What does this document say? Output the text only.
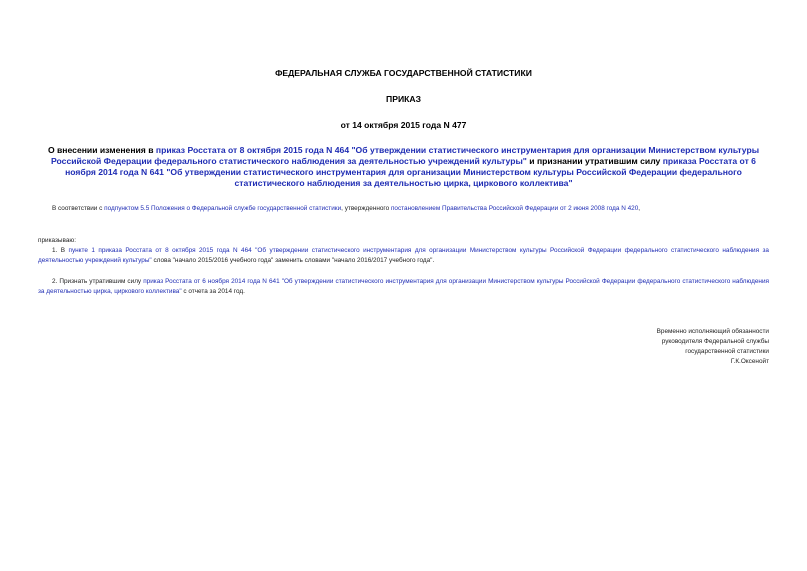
ФЕДЕРАЛЬНАЯ СЛУЖБА ГОСУДАРСТВЕННОЙ СТАТИСТИКИ
ПРИКАЗ
от 14 октября 2015 года N 477
О внесении изменения в приказ Росстата от 8 октября 2015 года N 464 "Об утверждении статистического инструментария для организации Министерством культуры Российской Федерации федерального статистического наблюдения за деятельностью учреждений культуры" и признании утратившим силу приказа Росстата от 6 ноября 2014 года N 641 "Об утверждении статистического инструментария для организации Министерством культуры Российской Федерации федерального статистического наблюдения за деятельностью цирка, циркового коллектива"
В соответствии с подпунктом 5.5 Положения о Федеральной службе государственной статистики, утвержденного постановлением Правительства Российской Федерации от 2 июня 2008 года N 420,
приказываю:
1. В пункте 1 приказа Росстата от 8 октября 2015 года N 464 "Об утверждении статистического инструментария для организации Министерством культуры Российской Федерации федерального статистического наблюдения за деятельностью учреждений культуры" слова "начало 2015/2016 учебного года" заменить словами "начало 2016/2017 учебного года".
2. Признать утратившим силу приказ Росстата от 6 ноября 2014 года N 641 "Об утверждении статистического инструментария для организации Министерством культуры Российской Федерации федерального статистического наблюдения за деятельностью цирка, циркового коллектива" с отчета за 2014 год.
Временно исполняющий обязанности
руководителя Федеральной службы
государственной статистики
Г.К.Оксенойт
